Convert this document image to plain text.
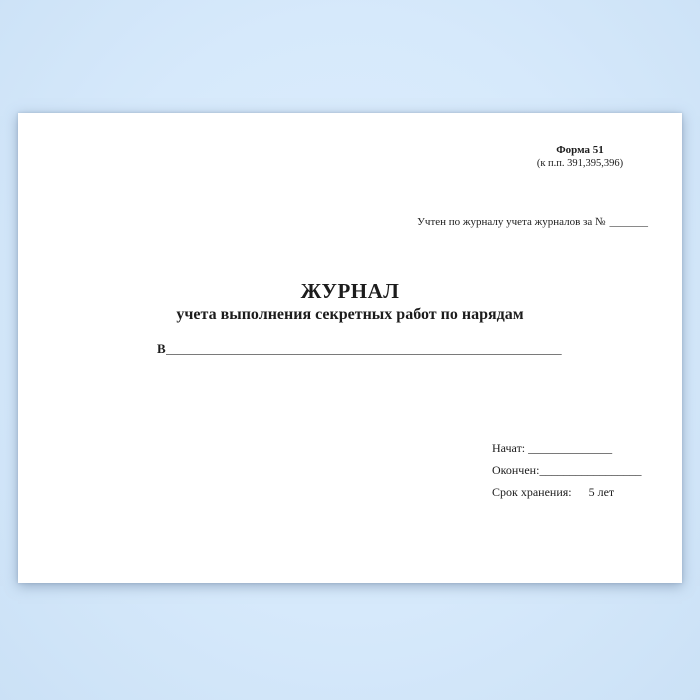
Форма 51
(к п.п. 391,395,396)
Учтен по журналу учета журналов за № _______
ЖУРНАЛ
учета выполнения секретных работ по нарядам
В__________________________________________________________________
Начат: ______________
Окончен:_________________
Срок хранения: 5 лет
